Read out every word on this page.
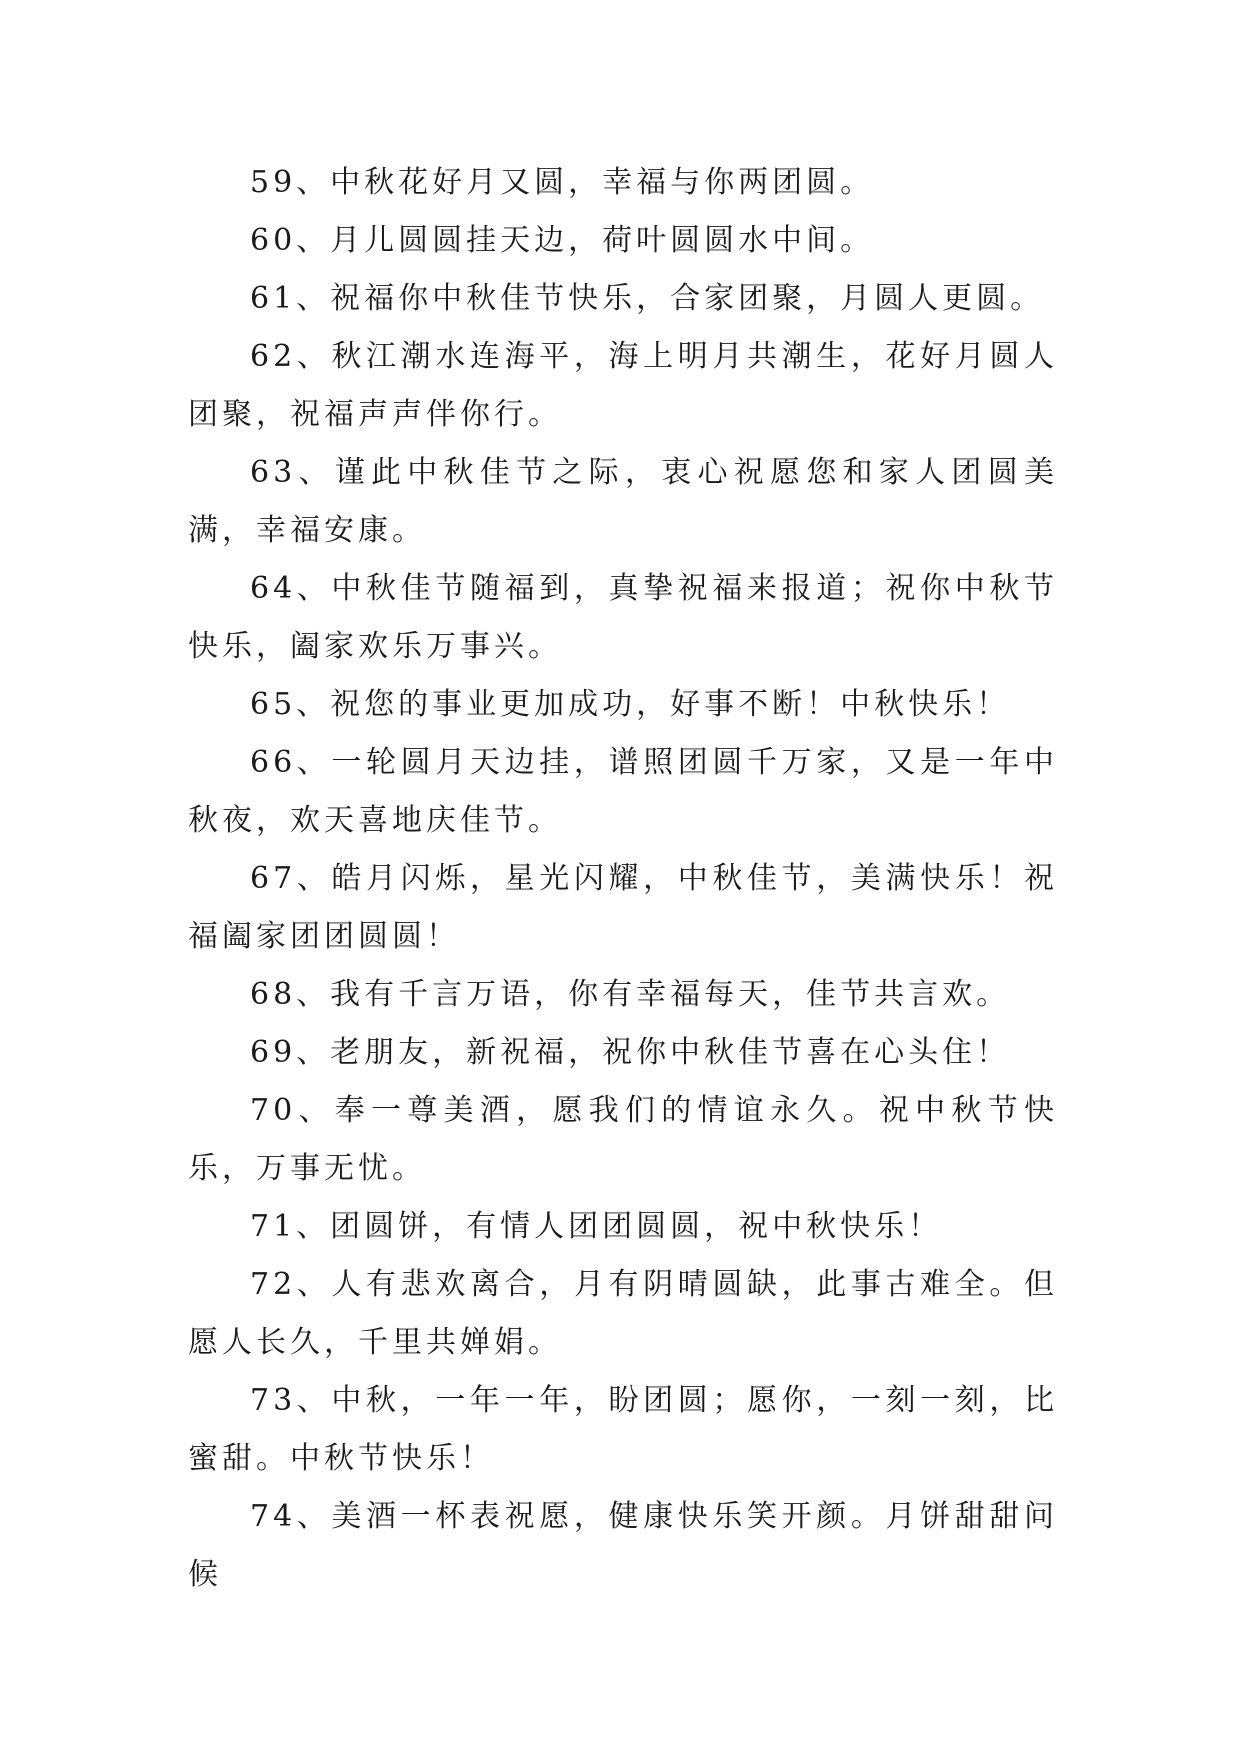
59、中秋花好月又圆，幸福与你两团圆。

60、月儿圆圆挂天边，荷叶圆圆水中间。

61、祝福你中秋佳节快乐，合家团聚，月圆人更圆。

62、秋江潮水连海平，海上明月共潮生，花好月圆人团聚，祝福声声伴你行。

63、谨此中秋佳节之际，衷心祝愿您和家人团圆美满，幸福安康。

64、中秋佳节随福到，真挚祝福来报道；祝你中秋节快乐，阖家欢乐万事兴。

65、祝您的事业更加成功，好事不断！中秋快乐！

66、一轮圆月天边挂，谱照团圆千万家，又是一年中秋夜，欢天喜地庆佳节。

67、皓月闪烁，星光闪耀，中秋佳节，美满快乐！祝福阖家团团圆圆！

68、我有千言万语，你有幸福每天，佳节共言欢。

69、老朋友，新祝福，祝你中秋佳节喜在心头住！

70、奉一尊美酒，愿我们的情谊永久。祝中秋节快乐，万事无忧。

71、团圆饼，有情人团团圆圆，祝中秋快乐！

72、人有悲欢离合，月有阴晴圆缺，此事古难全。但愿人长久，千里共婵娟。

73、中秋，一年一年，盼团圆；愿你，一刻一刻，比蜜甜。中秋节快乐！

74、美酒一杯表祝愿，健康快乐笑开颜。月饼甜甜问候
